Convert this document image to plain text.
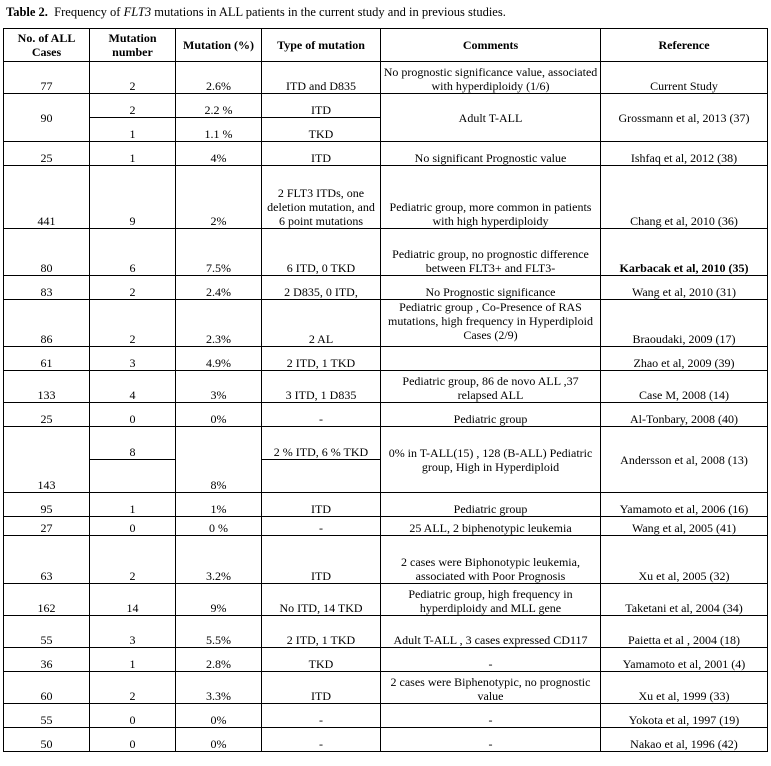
Table 2. Frequency of FLT3 mutations in ALL patients in the current study and in previous studies.
No. of ALL Cases	Mutation number	Mutation (%)	Type of mutation	Comments	Reference
77	2	2.6%	ITD and D835	No prognostic significance value, associated with hyperdiploidy (1/6)	Current Study
90	2	2.2 %	ITD	Adult T-ALL	Grossmann et al, 2013 (37)
	1	1.1 %	TKD		
25	1	4%	ITD	No significant Prognostic value	Ishfaq et al, 2012 (38)
441	9	2%	2 FLT3 ITDs, one deletion mutation, and 6 point mutations	Pediatric group, more common in patients with high hyperdiploidy	Chang et al, 2010 (36)
80	6	7.5%	6 ITD, 0 TKD	Pediatric group, no prognostic difference between FLT3+ and FLT3-	Karbacak et al, 2010 (35)
83	2	2.4%	2 D835, 0 ITD,	No Prognostic significance	Wang et al, 2010 (31)
86	2	2.3%	2 AL	Pediatric group , Co-Presence of RAS mutations, high frequency in Hyperdiploid Cases (2/9)	Braoudaki, 2009 (17)
61	3	4.9%	2 ITD, 1 TKD		Zhao et al, 2009 (39)
133	4	3%	3 ITD, 1 D835	Pediatric group, 86 de novo ALL ,37 relapsed ALL	Case M, 2008 (14)
25	0	0%	-	Pediatric group	Al-Tonbary, 2008 (40)
143	8	8%	2 % ITD, 6 % TKD	0% in T-ALL(15) , 128 (B-ALL) Pediatric group, High in Hyperdiploid	Andersson et al, 2008 (13)

95	1	1%	ITD	Pediatric group	Yamamoto et al, 2006 (16)
27	0	0 %	-	25 ALL, 2 biphenotypic leukemia	Wang et al, 2005 (41)
63	2	3.2%	ITD	2 cases were Biphonotypic leukemia, associated with Poor Prognosis	Xu et al, 2005 (32)
162	14	9%	No ITD, 14 TKD	Pediatric group, high frequency in hyperdiploidy and MLL gene	Taketani et al, 2004 (34)
55	3	5.5%	2 ITD, 1 TKD	Adult T-ALL , 3 cases expressed CD117	Paietta et al , 2004 (18)
36	1	2.8%	TKD	-	Yamamoto et al, 2001 (4)
60	2	3.3%	ITD	2 cases were Biphenotypic, no prognostic value	Xu et al, 1999 (33)
55	0	0%	-	-	Yokota et al, 1997 (19)
50	0	0%	-	-	Nakao et al, 1996 (42)
